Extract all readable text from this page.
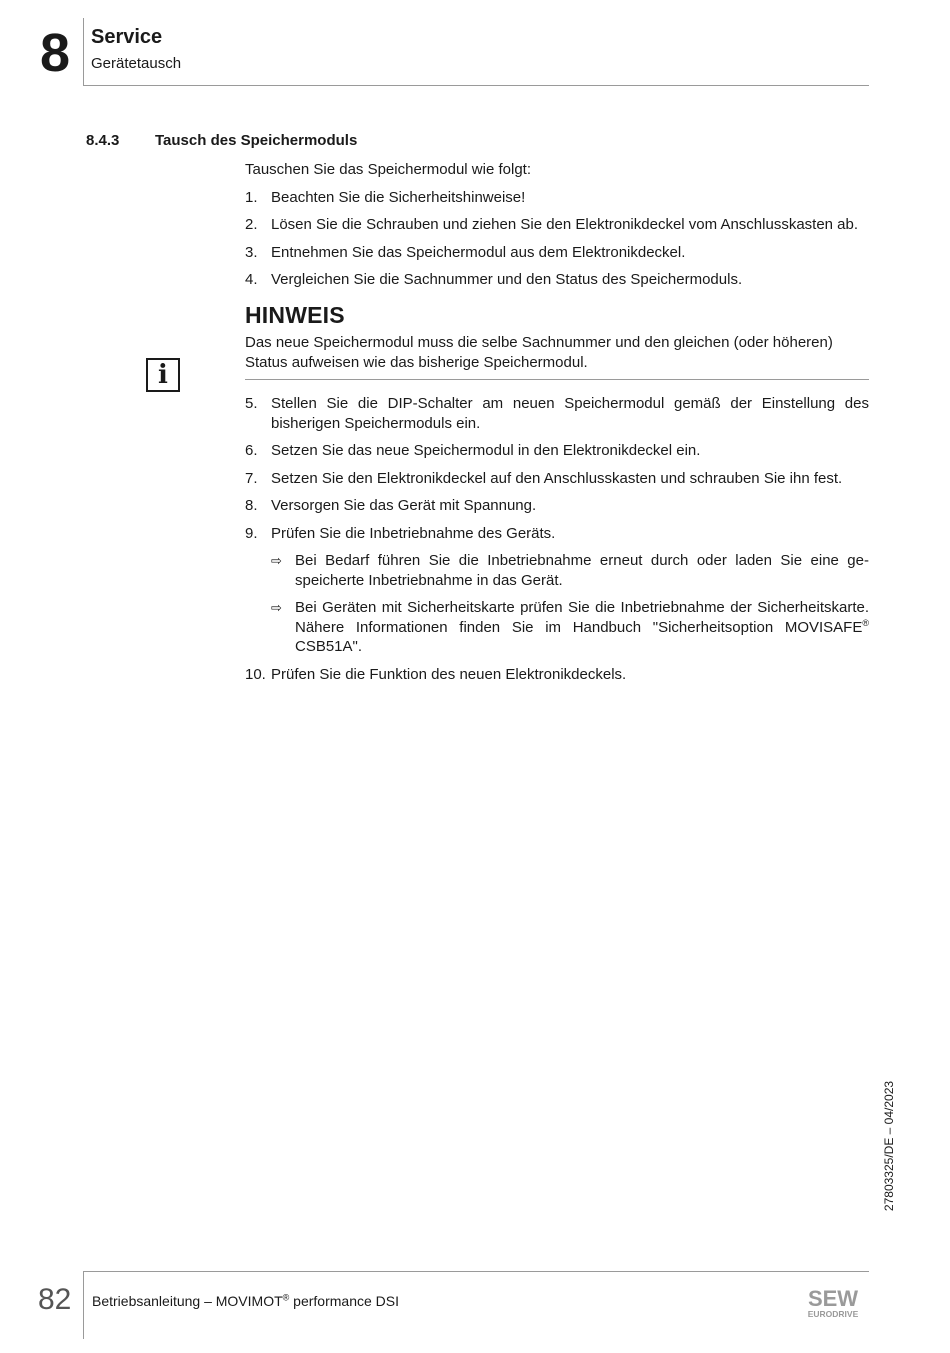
8	Service
Gerätetausch
8.4.3 Tausch des Speichermoduls
i

Tauschen Sie das Speichermodul wie folgt:

1. Beachten Sie die Sicherheitshinweise!
2. Lösen Sie die Schrauben und ziehen Sie den Elektronikdeckel vom Anschlusskasten ab.
3. Entnehmen Sie das Speichermodul aus dem Elektronikdeckel.
4. Vergleichen Sie die Sachnummer und den Status des Speichermoduls.
HINWEIS

Das neue Speichermodul muss die selbe Sachnummer und den gleichen (oder höheren) Status aufweisen wie das bisherige Speichermodul.

5. Stellen Sie die DIP-Schalter am neuen Speichermodul gemäß der Einstellung des bisherigen Speichermoduls ein.
6. Setzen Sie das neue Speichermodul in den Elektronikdeckel ein.
7. Setzen Sie den Elektronikdeckel auf den Anschlusskasten und schrauben Sie ihn fest.
8. Versorgen Sie das Gerät mit Spannung.
9. Prüfen Sie die Inbetriebnahme des Geräts.
⇨ Bei Bedarf führen Sie die Inbetriebnahme erneut durch oder laden Sie eine gespeicherte Inbetriebnahme in das Gerät.
⇨ Bei Geräten mit Sicherheitskarte prüfen Sie die Inbetriebnahme der Sicherheitskarte. Nähere Informationen finden Sie im Handbuch "Sicherheitsoption MOVISAFE® CSB51A".
10. Prüfen Sie die Funktion des neuen Elektronikdeckels.
27803325/DE – 04/2023
82 Betriebsanleitung – MOVIMOT® performance DSI	SEW
EURODRIVE
